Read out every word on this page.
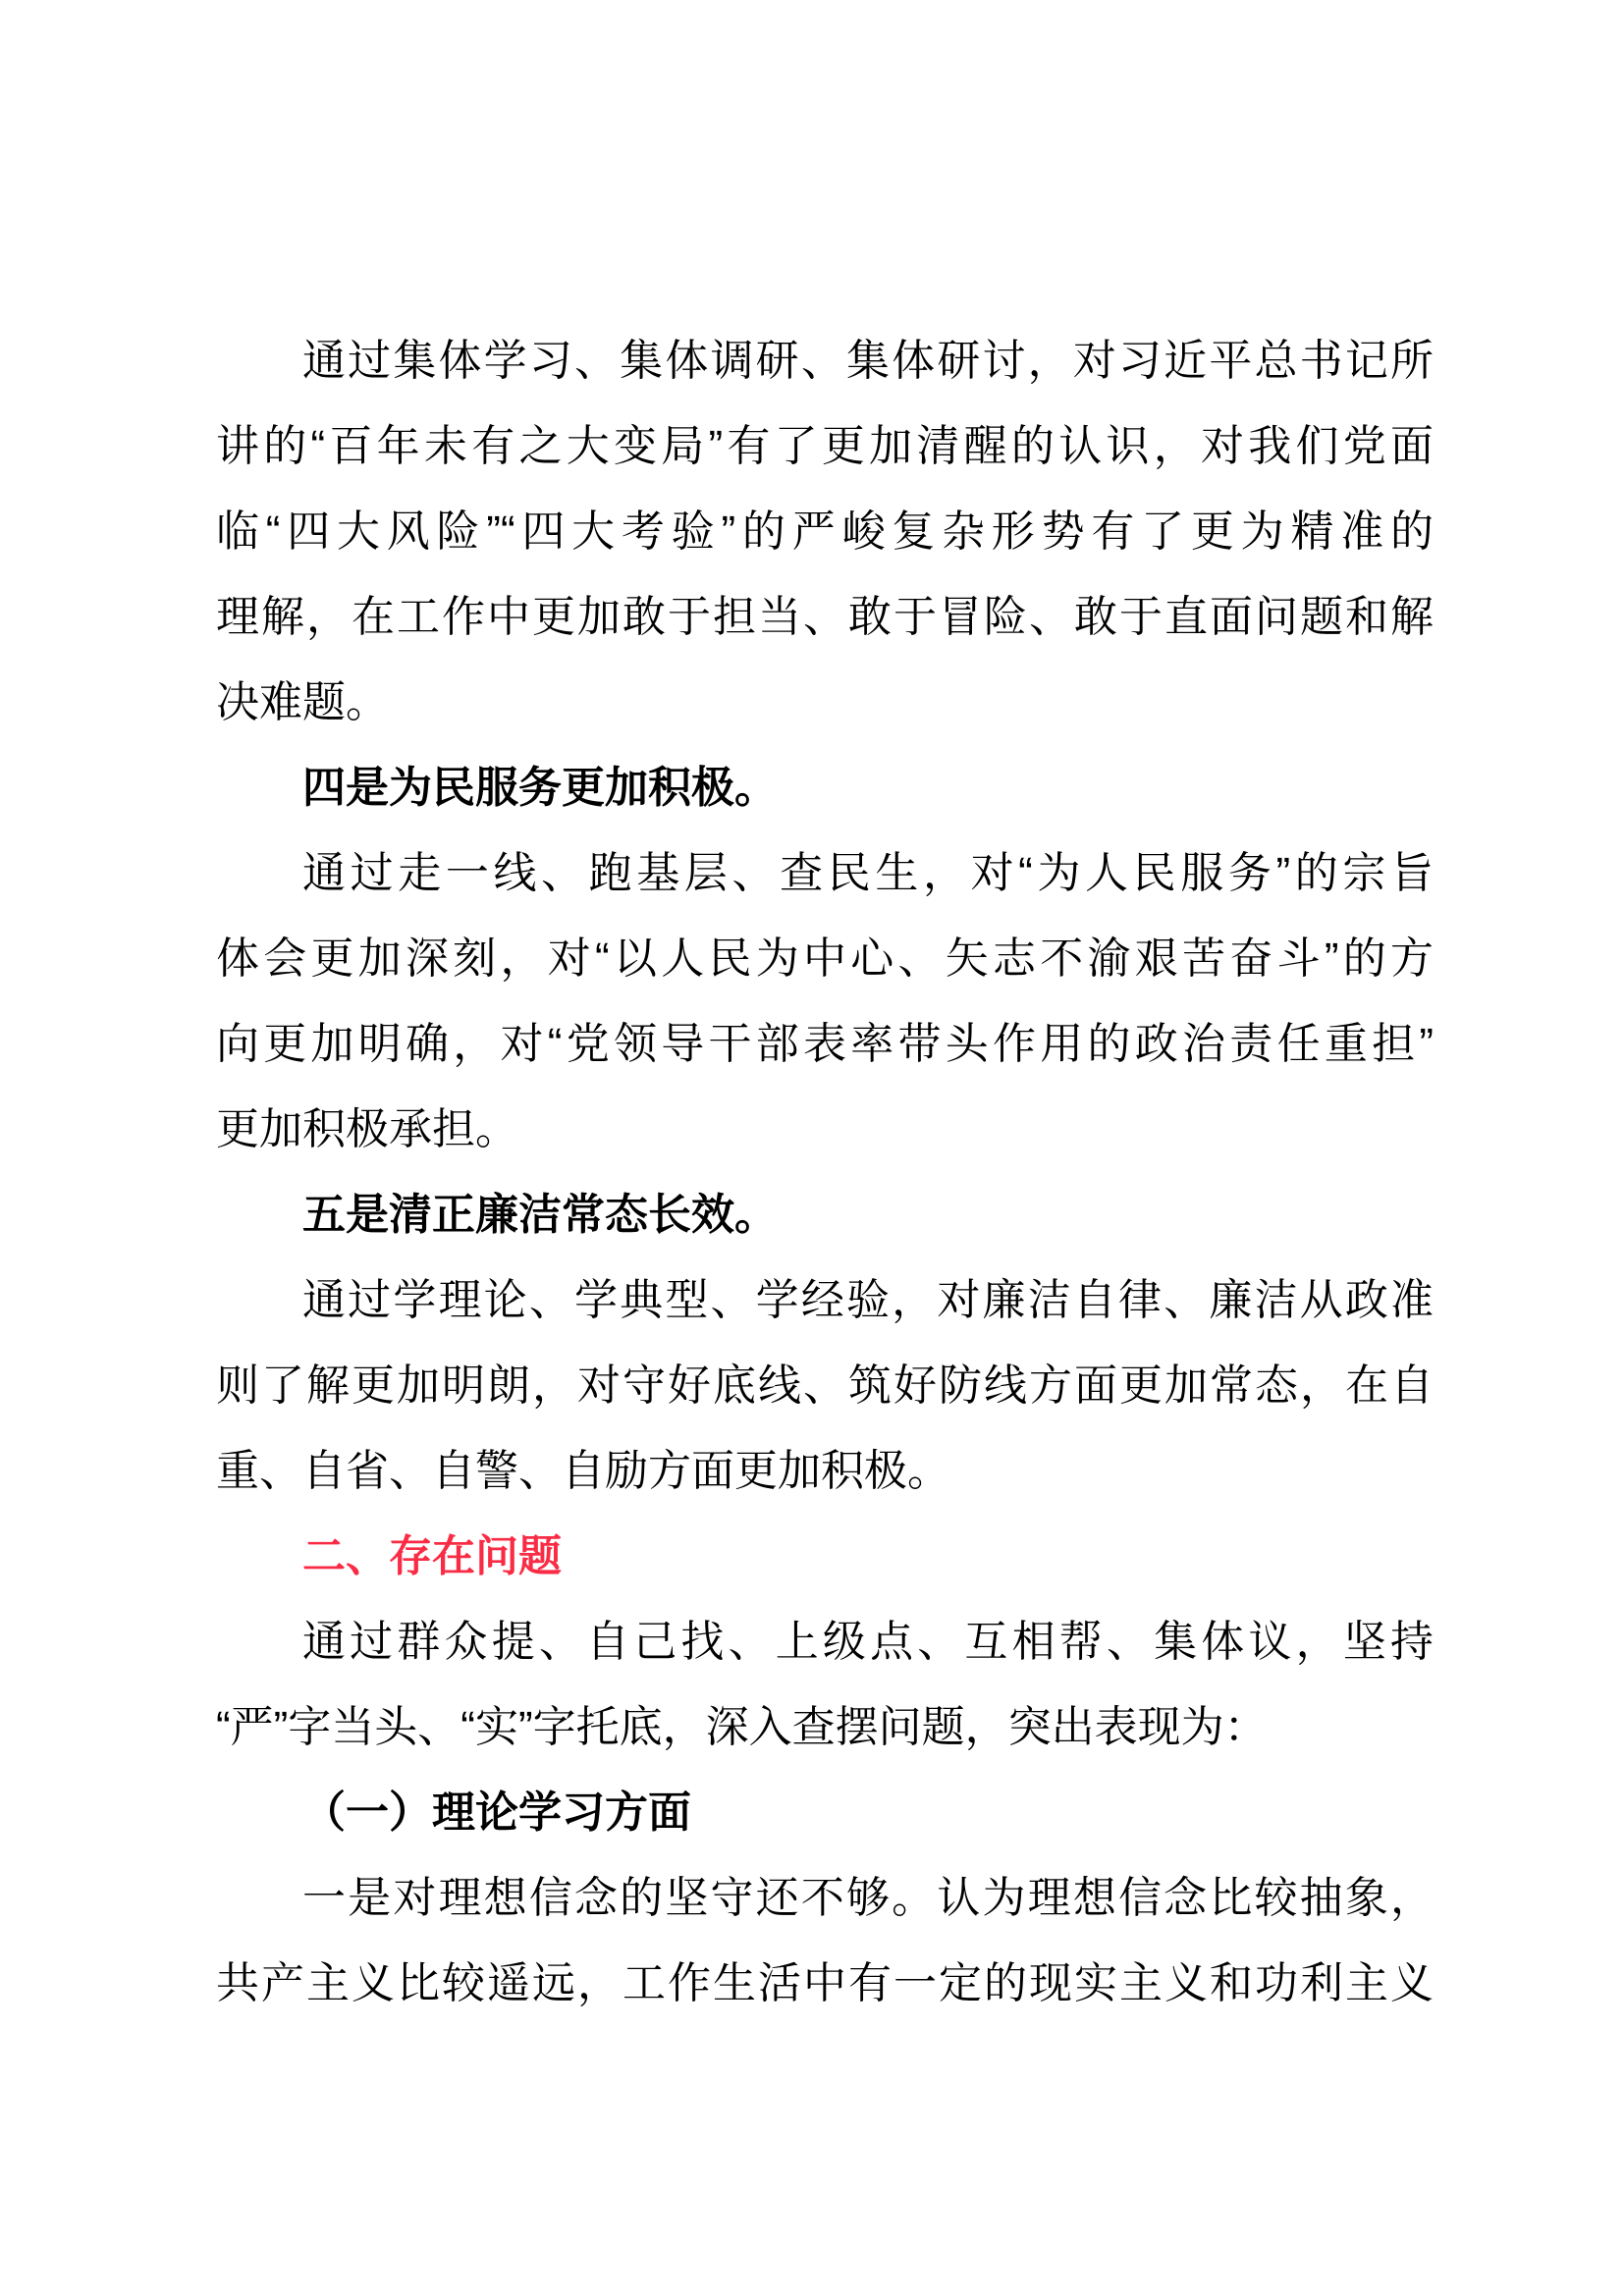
通过集体学习、集体调研、集体研讨，对习近平总书记所
讲的“百年未有之大变局”有了更加清醒的认识，对我们党面
临“四大风险”“四大考验”的严峻复杂形势有了更为精准的
理解，在工作中更加敢于担当、敢于冒险、敢于直面问题和解
决难题。
四是为民服务更加积极。
通过走一线、跑基层、查民生，对“为人民服务”的宗旨
体会更加深刻，对“以人民为中心、矢志不渝艰苦奋斗”的方
向更加明确，对“党领导干部表率带头作用的政治责任重担”
更加积极承担。
五是清正廉洁常态长效。
通过学理论、学典型、学经验，对廉洁自律、廉洁从政准
则了解更加明朗，对守好底线、筑好防线方面更加常态，在自
重、自省、自警、自励方面更加积极。
二、存在问题
通过群众提、自己找、上级点、互相帮、集体议，坚持
“严”字当头、“实”字托底，深入查摆问题，突出表现为：
（一）理论学习方面
一是对理想信念的坚守还不够。认为理想信念比较抽象，
共产主义比较遥远，工作生活中有一定的现实主义和功利主义
